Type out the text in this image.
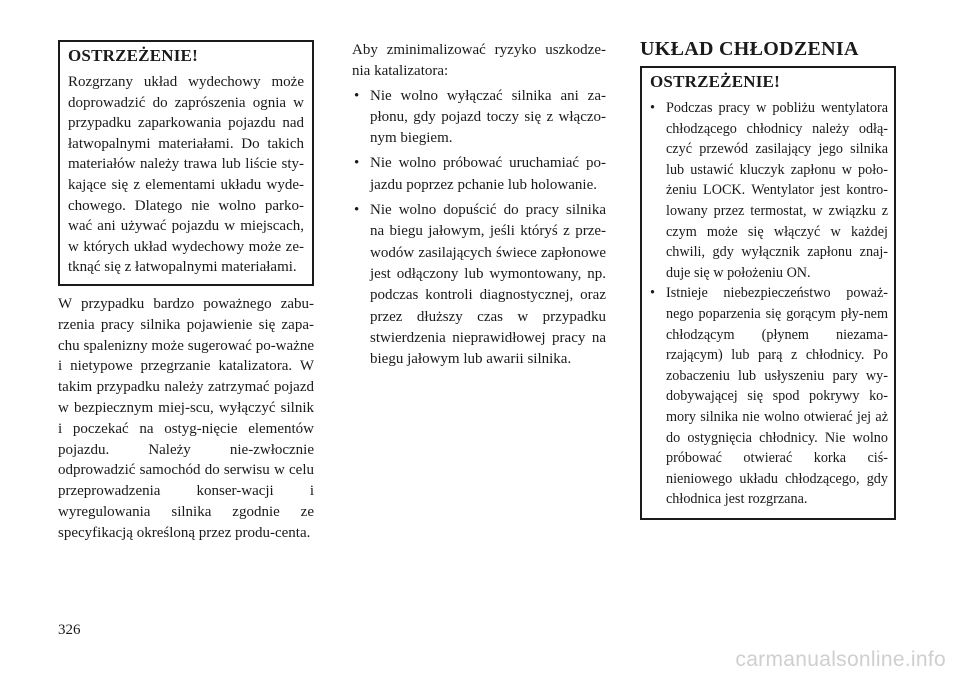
OSTRZEŻENIE!

Rozgrzany układ wydechowy może doprowadzić do zaprószenia ognia w przypadku zaparkowania pojazdu nad łatwopalnymi materiałami. Do takich materiałów należy trawa lub liście sty-kające się z elementami układu wyde-chowego. Dlatego nie wolno parko-wać ani używać pojazdu w miejscach, w których układ wydechowy może ze-tknąć się z łatwopalnymi materiałami.

W przypadku bardzo poważnego zabu-rzenia pracy silnika pojawienie się zapa-chu spalenizny może sugerować po-ważne i nietypowe przegrzanie katalizatora. W takim przypadku należy zatrzymać pojazd w bezpiecznym miej-scu, wyłączyć silnik i poczekać na ostyg-nięcie elementów pojazdu. Należy nie-zwłocznie odprowadzić samochód do serwisu w celu przeprowadzenia konser-wacji i wyregulowania silnika zgodnie ze specyfikacją określoną przez produ-centa.

Aby zminimalizować ryzyko uszkodze-nia katalizatora:

• Nie wolno wyłączać silnika ani za-płonu, gdy pojazd toczy się z włączo-nym biegiem.
• Nie wolno próbować uruchamiać po-jazdu poprzez pchanie lub holowanie.
• Nie wolno dopuścić do pracy silnika na biegu jałowym, jeśli któryś z prze-wodów zasilających świece zapłonowe jest odłączony lub wymontowany, np. podczas kontroli diagnostycznej, oraz przez dłuższy czas w przypadku stwierdzenia nieprawidłowej pracy na biegu jałowym lub awarii silnika.
UKŁAD CHŁODZENIA
OSTRZEŻENIE!
• Podczas pracy w pobliżu wentylatora chłodzącego chłodnicy należy odłą-czyć przewód zasilający jego silnika lub ustawić kluczyk zapłonu w poło-żeniu LOCK. Wentylator jest kontro-lowany przez termostat, w związku z czym może się włączyć w każdej chwili, gdy wyłącznik zapłonu znaj-duje się w położeniu ON.
• Istnieje niebezpieczeństwo poważ-nego poparzenia się gorącym pły-nem chłodzącym (płynem niezama-rzającym) lub parą z chłodnicy. Po zobaczeniu lub usłyszeniu pary wy-dobywającej się spod pokrywy ko-mory silnika nie wolno otwierać jej aż do ostygnięcia chłodnicy. Nie wolno próbować otwierać korka ciś-nieniowego układu chłodzącego, gdy chłodnica jest rozgrzana.
326
carmanualsonline.info
